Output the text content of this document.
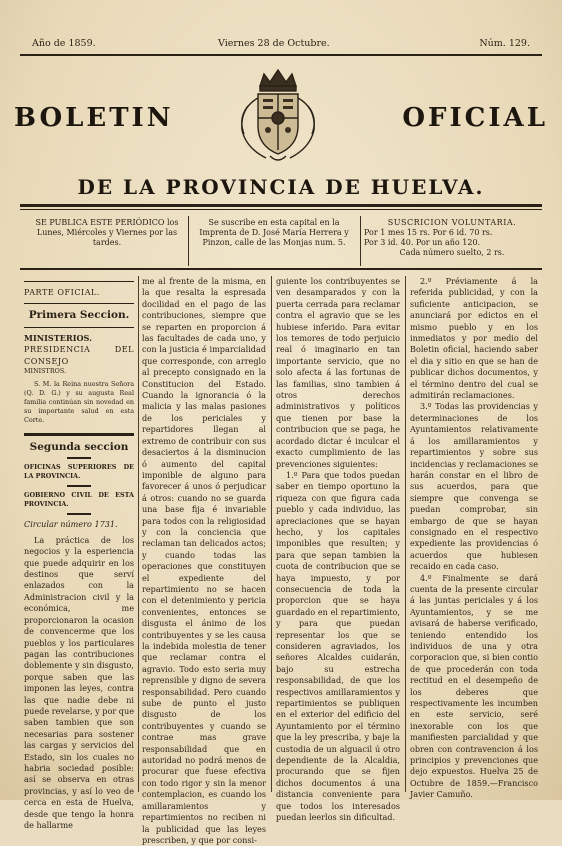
Año de 1859.	Viernes 28 de Octubre.	Núm. 129.
BOLETIN	OFICIAL
DE LA PROVINCIA DE HUELVA.
SE PUBLICA ESTE PERIÓDICO los Lunes, Miércoles y Viernes por las tardes.
Se suscribe en esta capital en la Imprenta de D. José María Herrera y Pinzon, calle de las Monjas num. 5.
SUSCRICION VOLUNTARIA.
Por 1 mes 15 rs. Por 6 id. 70 rs.
Por 3 id. 40. Por un año 120.
Cada número suelto, 2 rs.

PARTE OFICIAL.

Primera Seccion.

MINISTERIOS.

PRESIDENCIA DEL CONSEJO

MINISTROS.

S. M. la Reina nuestra Señora (Q. D. G.) y su augusta Real familia continúan sin novedad en su importante salud en esta Corte.

Segunda seccion

OFICINAS SUPERIORES DE LA PROVINCIA.

GOBIERNO CIVIL DE ESTA PROVINCIA.

Circular número 1731.

La práctica de los negocios y la esperiencia que puede adquirir en los destinos que serví enlazados con la Administracion civil y la económica, me proporcionaron la ocasion de convencerme que los pueblos y los particulares pagan las contribuciones doblemente y sin disgusto, porque saben que las imponen las leyes, contra las que nadie debe ni puede revelarse, y por que saben tambien que son necesarias para sostener las cargas y servicios del Estado, sin los cuales no habria sociedad posible: así se observa en otras provincias, y así lo veo de cerca en esta de Huelva, desde que tengo la honra de hallarme

me al frente de la misma, en la que resalta la espresada docilidad en el pago de las contribuciones, siempre que se reparten en proporcion á las facultades de cada uno, y con la justicia é imparcialidad que corresponde, con arreglo al precepto consignado en la Constitucion del Estado. Cuando la ignorancia ó la malicia y las malas pasiones de los periciales y repartidores llegan al extremo de contribuir con sus desaciertos á la disminucion ó aumento del capital imponible de alguno para favorecer á unos ó perjudicar á otros: cuando no se guarda una base fija é invariable para todos con la religiosidad y con la conciencia que reclaman tan delicados actos; y cuando todas las operaciones que constituyen el expediente del repartimiento no se hacen con el detenimiento y pericia convenientes, entonces se disgusta el ánimo de los contribuyentes y se les causa la indebida molestia de tener que reclamar contra el agravio. Todo esto seria muy reprensible y digno de severa responsabilidad. Pero cuando sube de punto el justo disgusto de los contribuyentes y cuando se contrae mas grave responsabilidad que en autoridad no podrá menos de procurar que fuese efectiva con todo rigor y sin la menor contemplacion, es cuando los amillaramientos y repartimientos no reciben ni la publicidad que las leyes prescriben, y que por consi-

guiente los contribuyentes se ven desamparados y con la puerta cerrada para reclamar contra el agravio que se les hubiese inferido. Para evitar los temores de todo perjuicio real ó imaginario en tan importante servicio, que no solo afecta á las fortunas de las familias, sino tambien á otros derechos administrativos y políticos que tienen por base la contribucion que se paga, he acordado dictar é inculcar el exacto cumplimiento de las prevenciones siguientes:

1.º Para que todos puedan saber en tiempo oportuno la riqueza con que figura cada pueblo y cada individuo, las apreciaciones que se hayan hecho, y los capitales imponibles que resulten; y para que sepan tambien la cuota de contribucion que se haya impuesto, y por consecuencia de toda la proporcion que se haya guardado en el repartimiento, y para que puedan representar los que se consideren agraviados, los señores Alcaldes cuidarán, bajo su estrecha responsabilidad, de que los respectivos amillaramientos y repartimientos se publiquen en el exterior del edificio del Ayuntamiento por el término que la ley prescriba, y baje la custodia de un alguacil ú otro dependiente de la Alcaldia, procurando que se fijen dichos documentos á una distancia conveniente para que todos los interesados puedan leerlos sin dificultad.

2.º Préviamente á la referida publicidad, y con la suficiente anticipacion, se anunciará por edictos en el mismo pueblo y en los inmediatos y por medio del Boletin oficial, haciendo saber el dia y sitio en que se han de publicar dichos documentos, y el término dentro del cual se admitirán reclamaciones.

3.º Todas las providencias y determinaciones de los Ayuntamientos relativamente á los amillaramientos y repartimientos y sobre sus incidencias y reclamaciones se harán constar en el libro de sus acuerdos, para que siempre que convenga se puedan comprobar, sin embargo de que se hayan consignado en el respectivo expediente las providencias ó acuerdos que hubiesen recaido en cada caso.

4.º Finalmente se dará cuenta de la presente circular á las juntas periciales y á los Ayuntamientos, y se me avisará de haberse verificado, teniendo entendido los individuos de una y otra corporacion que, si bien contio de que procederán con toda rectitud en el desempeño de los deberes que respectivamente les incumben en este servicio, seré inexorable con los que manifiesten parcialidad y que obren con contravencion á los principios y prevenciones que dejo expuestos. Huelva 25 de Octubre de 1859.—Francisco Javier Camuño.
